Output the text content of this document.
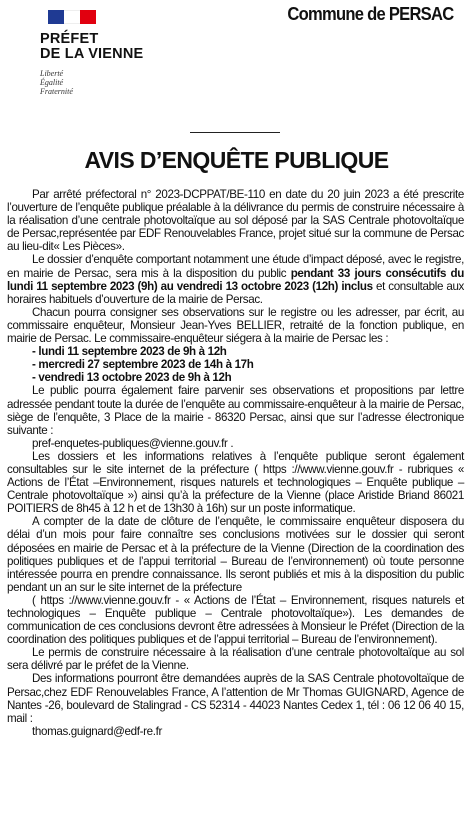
PRÉFET
DE LA VIENNE
Liberté
Égalité
Fraternité
Commune de PERSAC
AVIS D’ENQUÊTE PUBLIQUE

Par arrêté préfectoral n° 2023-DCPPAT/BE-110 en date du 20 juin 2023 a été prescrite l’ouverture de l’enquête publique préalable à la délivrance du permis de construire nécessaire à la réalisation d’une centrale photovoltaïque au sol déposé par la SAS Centrale photovoltaïque de Persac,représentée par EDF Renouvelables France, projet situé sur la commune de Persac au lieu-dit« Les Pièces».

Le dossier d’enquête comportant notamment une étude d’impact déposé, avec le registre, en mairie de Persac, sera mis à la disposition du public pendant 33 jours consécutifs du lundi 11 septembre 2023 (9h) au vendredi 13 octobre 2023 (12h) inclus et consultable aux horaires habituels d’ouverture de la mairie de Persac.

Chacun pourra consigner ses observations sur le registre ou les adresser, par écrit, au commissaire enquêteur, Monsieur Jean-Yves BELLIER, retraité de la fonction publique, en mairie de Persac. Le commissaire-enquêteur siégera à la mairie de Persac les :

- lundi 11 septembre 2023 de 9h à 12h
- mercredi 27 septembre 2023 de 14h à 17h
- vendredi 13 octobre 2023 de 9h à 12h

Le public pourra également faire parvenir ses observations et propositions par lettre adressée pendant toute la durée de l’enquête au commissaire-enquêteur à la mairie de Persac, siège de l’enquête, 3 Place de la mairie - 86320 Persac, ainsi que sur l’adresse électronique suivante :

pref-enquetes-publiques@vienne.gouv.fr .

Les dossiers et les informations relatives à l’enquête publique seront également consultables sur le site internet de la préfecture ( https ://www.vienne.gouv.fr - rubriques « Actions de l’État –Environnement, risques naturels et technologiques – Enquête publique – Centrale photovoltaïque ») ainsi qu’à la préfecture de la Vienne (place Aristide Briand 86021 POITIERS de 8h45 à 12 h et de 13h30 à 16h) sur un poste informatique.

A compter de la date de clôture de l’enquête, le commissaire enquêteur disposera du délai d’un mois pour faire connaître ses conclusions motivées sur le dossier qui seront déposées en mairie de Persac et à la préfecture de la Vienne (Direction de la coordination des politiques publiques et de l’appui territorial – Bureau de l’environnement) où toute personne intéressée pourra en prendre connaissance. Ils seront publiés et mis à la disposition du public pendant un an sur le site internet de la préfecture

( https ://www.vienne.gouv.fr - « Actions de l’État – Environnement, risques naturels et technologiques – Enquête publique – Centrale photovoltaïque»). Les demandes de communication de ces conclusions devront être adressées à Monsieur le Préfet (Direction de la coordination des politiques publiques et de l’appui territorial – Bureau de l’environnement).

Le permis de construire nécessaire à la réalisation d’une centrale photovoltaïque au sol sera délivré par le préfet de la Vienne.

Des informations pourront être demandées auprès de la SAS Centrale photovoltaïque de Persac,chez EDF Renouvelables France, A l’attention de Mr Thomas GUIGNARD, Agence de Nantes -26, boulevard de Stalingrad - CS 52314 - 44023 Nantes Cedex 1, tél : 06 12 06 40 15, mail :

thomas.guignard@edf-re.fr
